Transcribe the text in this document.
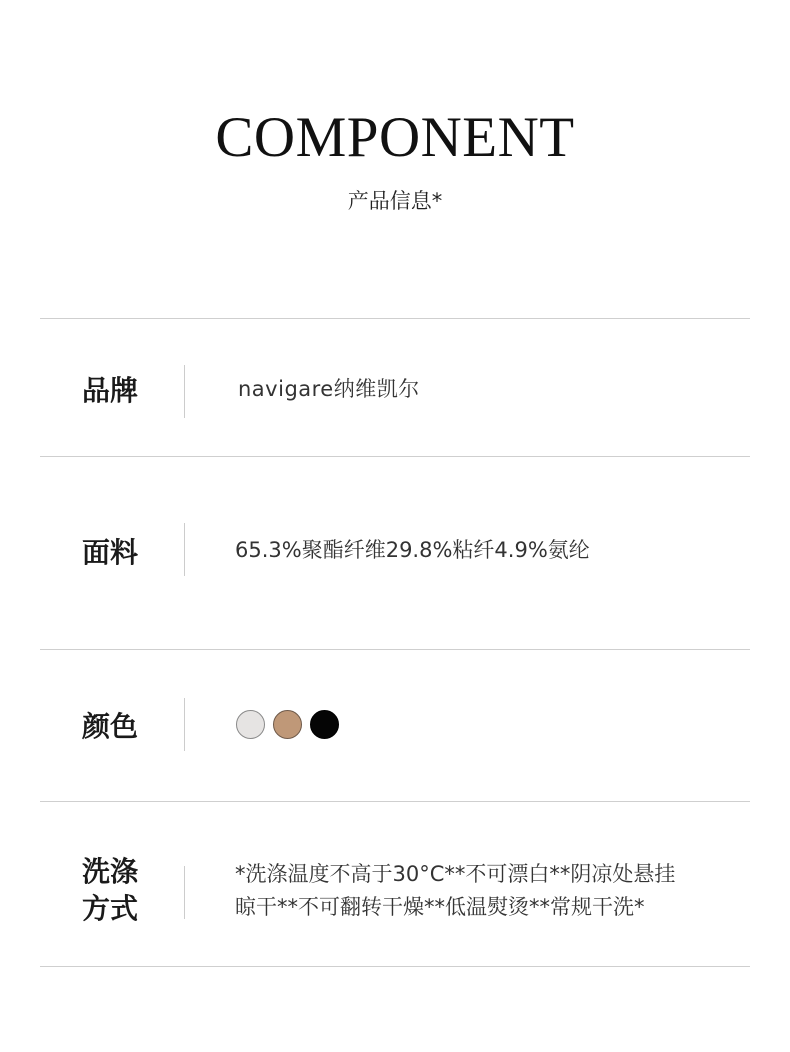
COMPONENT
产品信息*
品牌	navigare纳维凯尔
面料	65.3%聚酯纤维29.8%粘纤4.9%氨纶
颜色
洗涤
方式
*洗涤温度不高于30°C**不可漂白**阴凉处悬挂
晾干**不可翻转干燥**低温熨烫**常规干洗*
